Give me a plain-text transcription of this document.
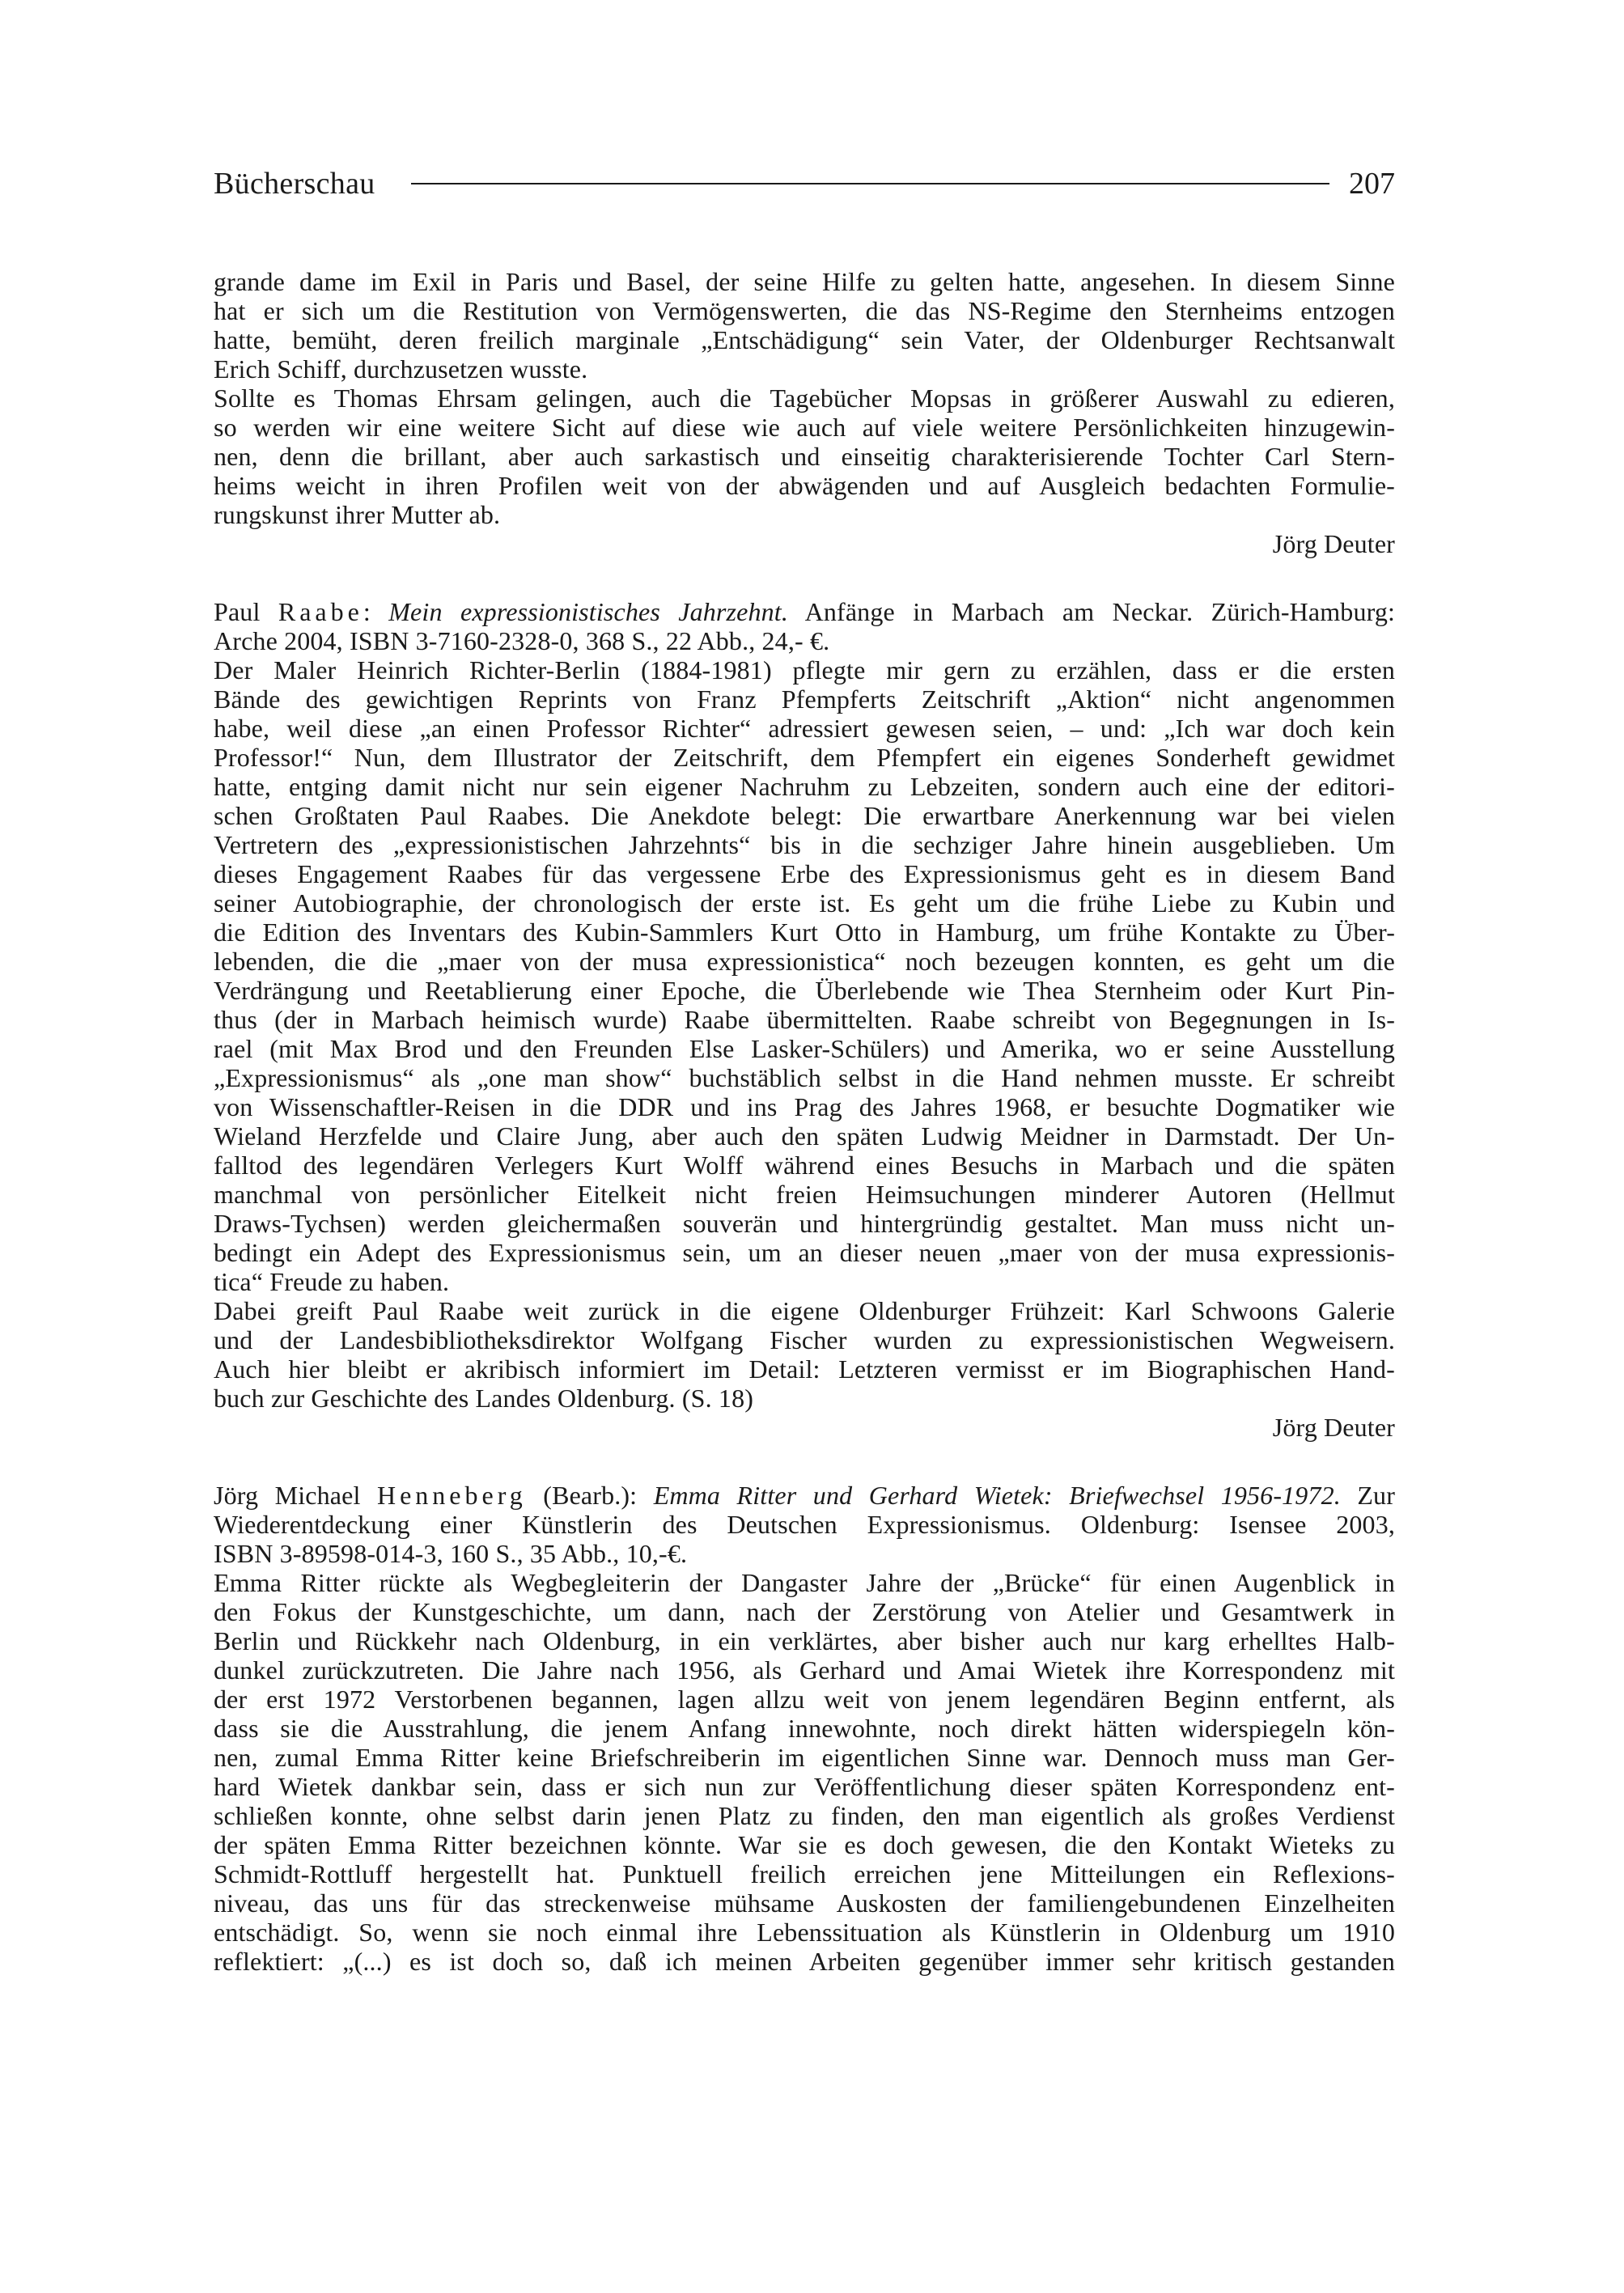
Bücherschau	207
grande dame im Exil in Paris und Basel, der seine Hilfe zu gelten hatte, angesehen. In diesem Sinne
hat er sich um die Restitution von Vermögenswerten, die das NS-Regime den Sternheims entzogen
hatte, bemüht, deren freilich marginale „Entschädigung“ sein Vater, der Oldenburger Rechtsanwalt
Erich Schiff, durchzusetzen wusste.
Sollte es Thomas Ehrsam gelingen, auch die Tagebücher Mopsas in größerer Auswahl zu edieren,
so werden wir eine weitere Sicht auf diese wie auch auf viele weitere Persönlichkeiten hinzugewin-
nen, denn die brillant, aber auch sarkastisch und einseitig charakterisierende Tochter Carl Stern-
heims weicht in ihren Profilen weit von der abwägenden und auf Ausgleich bedachten Formulie-
rungskunst ihrer Mutter ab.
Jörg Deuter
Paul Raabe: Mein expressionistisches Jahrzehnt. Anfänge in Marbach am Neckar. Zürich-Hamburg:
Arche 2004, ISBN 3-7160-2328-0, 368 S., 22 Abb., 24,- €.
Der Maler Heinrich Richter-Berlin (1884-1981) pflegte mir gern zu erzählen, dass er die ersten
Bände des gewichtigen Reprints von Franz Pfempferts Zeitschrift „Aktion“ nicht angenommen
habe, weil diese „an einen Professor Richter“ adressiert gewesen seien, – und: „Ich war doch kein
Professor!“ Nun, dem Illustrator der Zeitschrift, dem Pfempfert ein eigenes Sonderheft gewidmet
hatte, entging damit nicht nur sein eigener Nachruhm zu Lebzeiten, sondern auch eine der editori-
schen Großtaten Paul Raabes. Die Anekdote belegt: Die erwartbare Anerkennung war bei vielen
Vertretern des „expressionistischen Jahrzehnts“ bis in die sechziger Jahre hinein ausgeblieben. Um
dieses Engagement Raabes für das vergessene Erbe des Expressionismus geht es in diesem Band
seiner Autobiographie, der chronologisch der erste ist. Es geht um die frühe Liebe zu Kubin und
die Edition des Inventars des Kubin-Sammlers Kurt Otto in Hamburg, um frühe Kontakte zu Über-
lebenden, die die „maer von der musa expressionistica“ noch bezeugen konnten, es geht um die
Verdrängung und Reetablierung einer Epoche, die Überlebende wie Thea Sternheim oder Kurt Pin-
thus (der in Marbach heimisch wurde) Raabe übermittelten. Raabe schreibt von Begegnungen in Is-
rael (mit Max Brod und den Freunden Else Lasker-Schülers) und Amerika, wo er seine Ausstellung
„Expressionismus“ als „one man show“ buchstäblich selbst in die Hand nehmen musste. Er schreibt
von Wissenschaftler-Reisen in die DDR und ins Prag des Jahres 1968, er besuchte Dogmatiker wie
Wieland Herzfelde und Claire Jung, aber auch den späten Ludwig Meidner in Darmstadt. Der Un-
falltod des legendären Verlegers Kurt Wolff während eines Besuchs in Marbach und die späten
manchmal von persönlicher Eitelkeit nicht freien Heimsuchungen minderer Autoren (Hellmut
Draws-Tychsen) werden gleichermaßen souverän und hintergründig gestaltet. Man muss nicht un-
bedingt ein Adept des Expressionismus sein, um an dieser neuen „maer von der musa expressionis-
tica“ Freude zu haben.
Dabei greift Paul Raabe weit zurück in die eigene Oldenburger Frühzeit: Karl Schwoons Galerie
und der Landesbibliotheksdirektor Wolfgang Fischer wurden zu expressionistischen Wegweisern.
Auch hier bleibt er akribisch informiert im Detail: Letzteren vermisst er im Biographischen Hand-
buch zur Geschichte des Landes Oldenburg. (S. 18)
Jörg Deuter
Jörg Michael Henneberg (Bearb.): Emma Ritter und Gerhard Wietek: Briefwechsel 1956-1972. Zur
Wiederentdeckung einer Künstlerin des Deutschen Expressionismus. Oldenburg: Isensee 2003,
ISBN 3-89598-014-3, 160 S., 35 Abb., 10,-€.
Emma Ritter rückte als Wegbegleiterin der Dangaster Jahre der „Brücke“ für einen Augenblick in
den Fokus der Kunstgeschichte, um dann, nach der Zerstörung von Atelier und Gesamtwerk in
Berlin und Rückkehr nach Oldenburg, in ein verklärtes, aber bisher auch nur karg erhelltes Halb-
dunkel zurückzutreten. Die Jahre nach 1956, als Gerhard und Amai Wietek ihre Korrespondenz mit
der erst 1972 Verstorbenen begannen, lagen allzu weit von jenem legendären Beginn entfernt, als
dass sie die Ausstrahlung, die jenem Anfang innewohnte, noch direkt hätten widerspiegeln kön-
nen, zumal Emma Ritter keine Briefschreiberin im eigentlichen Sinne war. Dennoch muss man Ger-
hard Wietek dankbar sein, dass er sich nun zur Veröffentlichung dieser späten Korrespondenz ent-
schließen konnte, ohne selbst darin jenen Platz zu finden, den man eigentlich als großes Verdienst
der späten Emma Ritter bezeichnen könnte. War sie es doch gewesen, die den Kontakt Wieteks zu
Schmidt-Rottluff hergestellt hat. Punktuell freilich erreichen jene Mitteilungen ein Reflexions-
niveau, das uns für das streckenweise mühsame Auskosten der familiengebundenen Einzelheiten
entschädigt. So, wenn sie noch einmal ihre Lebenssituation als Künstlerin in Oldenburg um 1910
reflektiert: „(...) es ist doch so, daß ich meinen Arbeiten gegenüber immer sehr kritisch gestanden
